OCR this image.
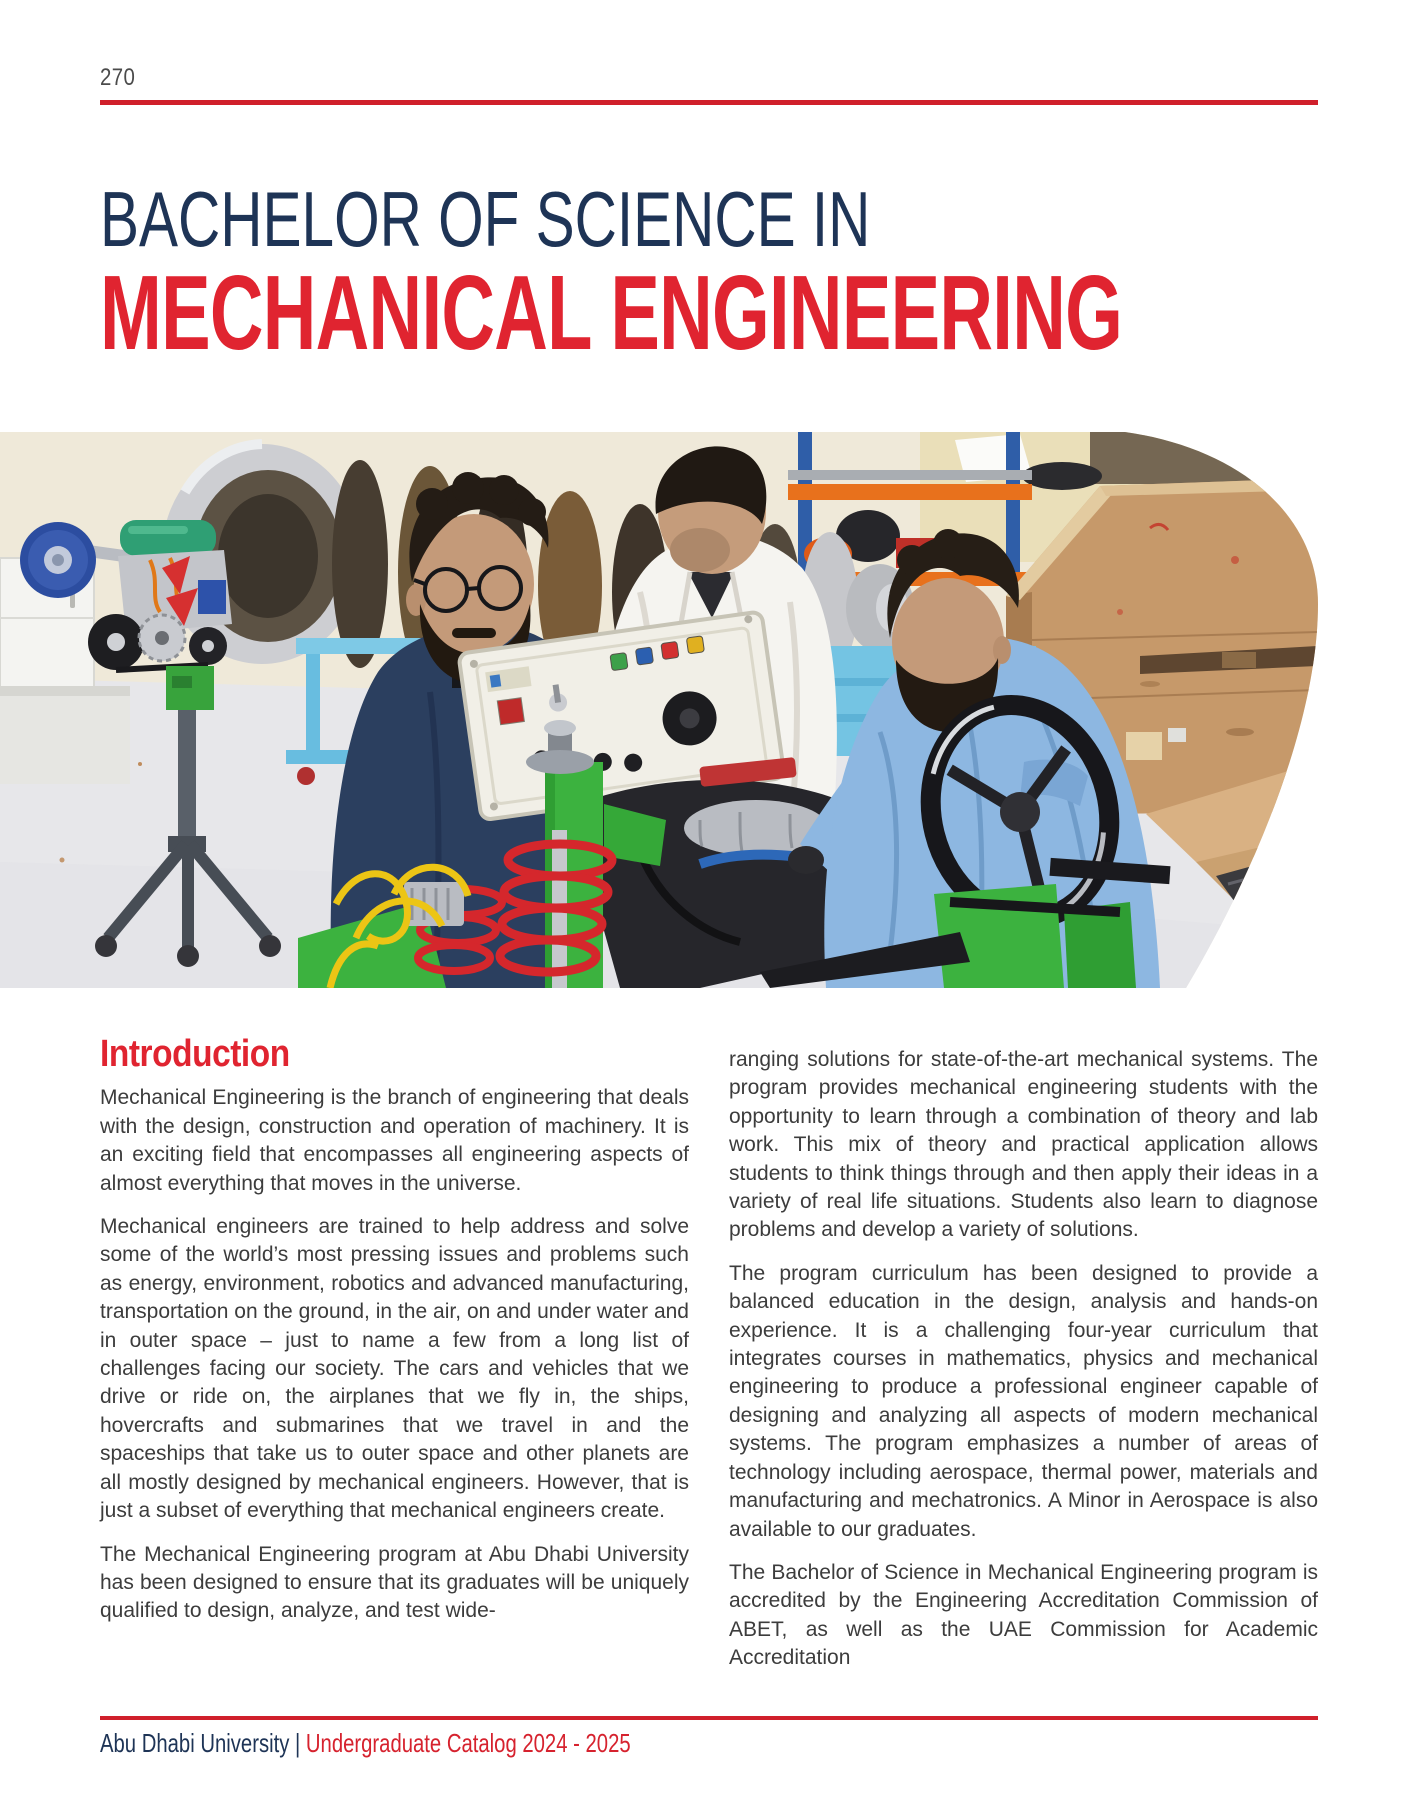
270
BACHELOR OF SCIENCE IN
MECHANICAL ENGINEERING
Introduction

Mechanical Engineering is the branch of engineering that deals with the design, construction and operation of machinery. It is an exciting field that encompasses all engineering aspects of almost everything that moves in the universe.

Mechanical engineers are trained to help address and solve some of the world’s most pressing issues and problems such as energy, environment, robotics and advanced manufacturing, transportation on the ground, in the air, on and under water and in outer space – just to name a few from a long list of challenges facing our society. The cars and vehicles that we drive or ride on, the airplanes that we fly in, the ships, hovercrafts and submarines that we travel in and the spaceships that take us to outer space and other planets are all mostly designed by mechanical engineers. However, that is just a subset of everything that mechanical engineers create.

The Mechanical Engineering program at Abu Dhabi University has been designed to ensure that its graduates will be uniquely qualified to design, analyze, and test wide-

ranging solutions for state-of-the-art mechanical systems. The program provides mechanical engineering students with the opportunity to learn through a combination of theory and lab work. This mix of theory and practical application allows students to think things through and then apply their ideas in a variety of real life situations. Students also learn to diagnose problems and develop a variety of solutions.

The program curriculum has been designed to provide a balanced education in the design, analysis and hands-on experience. It is a challenging four-year curriculum that integrates courses in mathematics, physics and mechanical engineering to produce a professional engineer capable of designing and analyzing all aspects of modern mechanical systems. The program emphasizes a number of areas of technology including aerospace, thermal power, materials and manufacturing and mechatronics. A Minor in Aerospace is also available to our graduates.

The Bachelor of Science in Mechanical Engineering program is accredited by the Engineering Accreditation Commission of ABET, as well as the UAE Commission for Academic Accreditation

Abu Dhabi University | Undergraduate Catalog 2024 - 2025
